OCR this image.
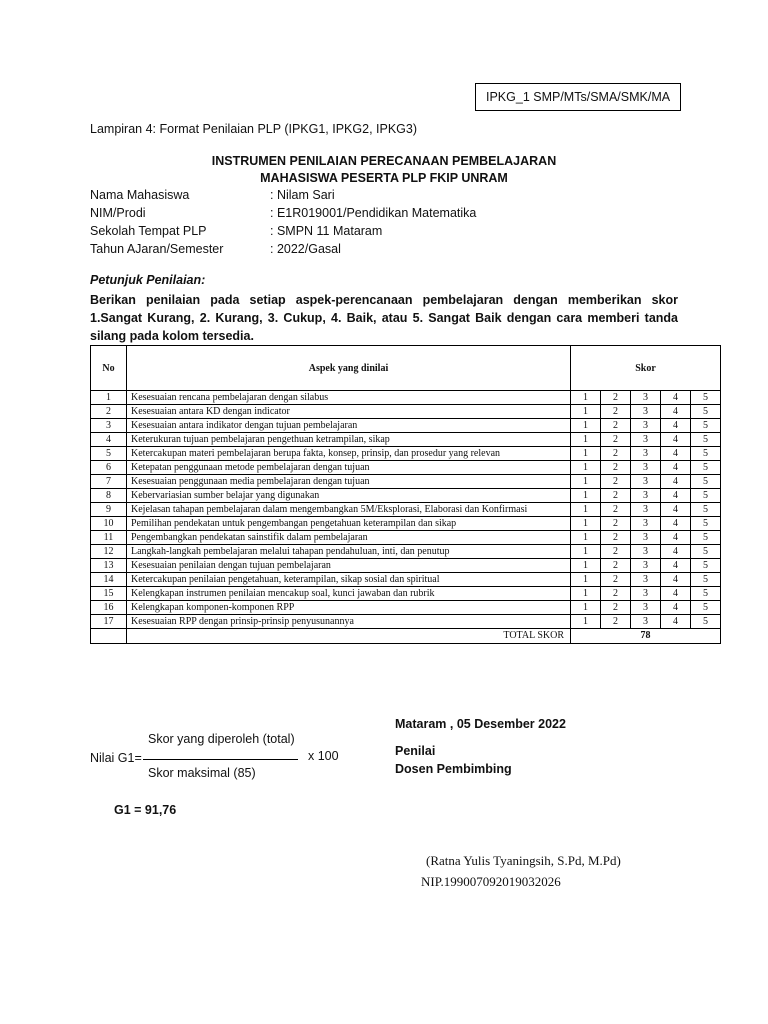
IPKG_1 SMP/MTs/SMA/SMK/MA
Lampiran 4: Format Penilaian PLP (IPKG1, IPKG2, IPKG3)
INSTRUMEN PENILAIAN PERECANAAN PEMBELAJARAN
MAHASISWA PESERTA PLP FKIP UNRAM
Nama Mahasiswa	: Nilam Sari
NIM/Prodi	: E1R019001/Pendidikan Matematika
Sekolah Tempat PLP	: SMPN 11 Mataram
Tahun AJaran/Semester	: 2022/Gasal
Petunjuk Penilaian:

Berikan penilaian pada setiap aspek-perencanaan pembelajaran dengan memberikan skor 1.Sangat Kurang, 2. Kurang, 3. Cukup, 4. Baik, atau 5. Sangat Baik dengan cara memberi tanda silang pada kolom tersedia.

No	Aspek yang dinilai	Skor				
1	Kesesuaian rencana pembelajaran dengan silabus	1	2	3	4	5
2	Kesesuaian antara KD dengan indicator	1	2	3	4	5
3	Kesesuaian antara indikator dengan tujuan pembelajaran	1	2	3	4	5
4	Keterukuran tujuan pembelajaran pengethuan ketrampilan, sikap	1	2	3	4	5
5	Ketercakupan materi pembelajaran berupa fakta, konsep, prinsip, dan prosedur yang relevan	1	2	3	4	5
6	Ketepatan penggunaan metode pembelajaran dengan tujuan	1	2	3	4	5
7	Kesesuaian penggunaan media pembelajaran dengan tujuan	1	2	3	4	5
8	Kebervariasian sumber belajar yang digunakan	1	2	3	4	5
9	Kejelasan tahapan pembelajaran dalam mengembangkan 5M/Eksplorasi, Elaborasi dan Konfirmasi	1	2	3	4	5
10	Pemilihan pendekatan untuk pengembangan pengetahuan keterampilan dan sikap	1	2	3	4	5
11	Pengembangkan pendekatan sainstifik dalam pembelajaran	1	2	3	4	5
12	Langkah-langkah pembelajaran melalui tahapan pendahuluan, inti, dan penutup	1	2	3	4	5
13	Kesesuaian penilaian dengan tujuan pembelajaran	1	2	3	4	5
14	Ketercakupan penilaian pengetahuan, keterampilan, sikap sosial dan spiritual	1	2	3	4	5
15	Kelengkapan instrumen penilaian mencakup soal, kunci jawaban dan rubrik	1	2	3	4	5
16	Kelengkapan komponen-komponen RPP	1	2	3	4	5
17	Kesesuaian RPP dengan prinsip-prinsip penyusunannya	1	2	3	4	5
	TOTAL SKOR	78				
Mataram , 05 Desember 2022
Penilai
Dosen Pembimbing
Nilai G1=
Skor yang diperoleh (total)
Skor maksimal (85)
x 100
G1 = 91,76
(Ratna Yulis Tyaningsih, S.Pd, M.Pd)
NIP.199007092019032026
